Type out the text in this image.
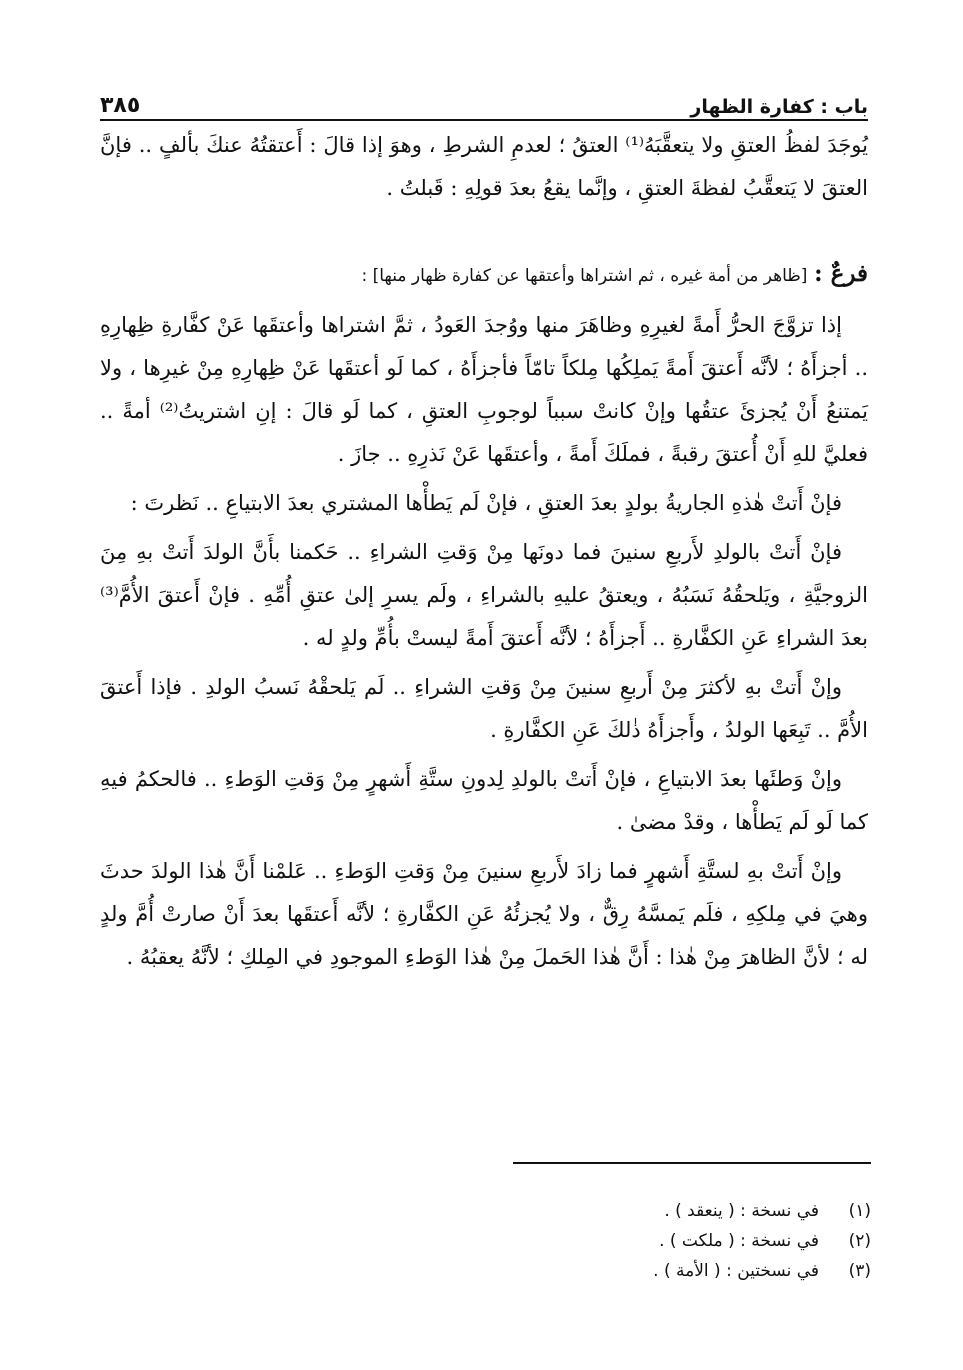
باب : كفارة الظهار
٣٨٥

يُوجَدَ لفظُ العتقِ ولا يتعقَّبَهُ⁽¹⁾ العتقُ ؛ لعدمِ الشرطِ ، وهوَ إذا قالَ : أَعتقتُهُ عنكَ بألفٍ .. فإنَّ العتقَ لا يَتعقَّبُ لفظةَ العتقِ ، وإنَّما يقعُ بعدَ قولِهِ : قَبلتُ .

فرعٌ : [ظاهر من أمة غيره ، ثم اشتراها وأعتقها عن كفارة ظهار منها] :

إذا تزوَّجَ الحرُّ أَمةً لغيرِهِ وظاهَرَ منها ووُجدَ العَودُ ، ثمَّ اشتراها وأعتقَها عَنْ كفَّارةِ ظِهارِهِ .. أجزأَهُ ؛ لأنَّه أَعتقَ أَمةً يَملِكُها مِلكاً تامّاً فأجزأَهُ ، كما لَو أعتقَها عَنْ ظِهارِهِ مِنْ غيرِها ، ولا يَمتنعُ أَنْ يُجزئَ عتقُها وإنْ كانتْ سبباً لوجوبِ العتقِ ، كما لَو قالَ : إنِ اشتريتُ⁽²⁾ أمةً .. فعليَّ للهِ أَنْ أُعتقَ رقبةً ، فملَكَ أَمةً ، وأعتقَها عَنْ نَذرِهِ .. جازَ .

فإنْ أَتتْ هٰذهِ الجاريةُ بولدٍ بعدَ العتقِ ، فإنْ لَم يَطأْها المشتري بعدَ الابتياعِ .. نَظرتَ :

فإنْ أَتتْ بالولدِ لأَربعِ سنينَ فما دونَها مِنْ وَقتِ الشراءِ .. حَكمنا بأَنَّ الولدَ أَتتْ بهِ مِنَ الزوجيَّةِ ، ويَلحقُهُ نَسَبُهُ ، ويعتقُ عليهِ بالشراءِ ، ولَم يسرِ إلىٰ عتقِ أُمِّهِ . فإنْ أَعتقَ الأُمَّ⁽³⁾ بعدَ الشراءِ عَنِ الكفَّارةِ .. أَجزأَهُ ؛ لأنَّه أَعتقَ أَمةً ليستْ بأُمِّ ولدٍ له .

وإنْ أَتتْ بهِ لأكثرَ مِنْ أَربعِ سنينَ مِنْ وَقتِ الشراءِ .. لَم يَلحقْهُ نَسبُ الولدِ . فإذا أَعتقَ الأُمَّ .. تَبِعَها الولدُ ، وأَجزأَهُ ذٰلكَ عَنِ الكفَّارةِ .

وإنْ وَطئَها بعدَ الابتياعِ ، فإنْ أَتتْ بالولدِ لِدونِ ستَّةِ أَشهرٍ مِنْ وَقتِ الوَطءِ .. فالحكمُ فيهِ كما لَو لَم يَطأْها ، وقدْ مضىٰ .

وإنْ أَتتْ بهِ لستَّةِ أَشهرٍ فما زادَ لأَربعِ سنينَ مِنْ وَقتِ الوَطءِ .. عَلمْنا أَنَّ هٰذا الولدَ حدثَ وهيَ في مِلكِهِ ، فلَم يَمسَّهُ رِقٌّ ، ولا يُجزئُهُ عَنِ الكفَّارةِ ؛ لأنَّه أَعتقَها بعدَ أَنْ صارتْ أُمَّ ولدٍ له ؛ لأنَّ الظاهرَ مِنْ هٰذا : أَنَّ هٰذا الحَملَ مِنْ هٰذا الوَطءِ الموجودِ في المِلكِ ؛ لأنَّهُ يعقبُهُ .

(١)
في نسخة : ( ينعقد ) .
(٢)
في نسخة : ( ملكت ) .
(٣)
في نسختين : ( الأمة ) .
